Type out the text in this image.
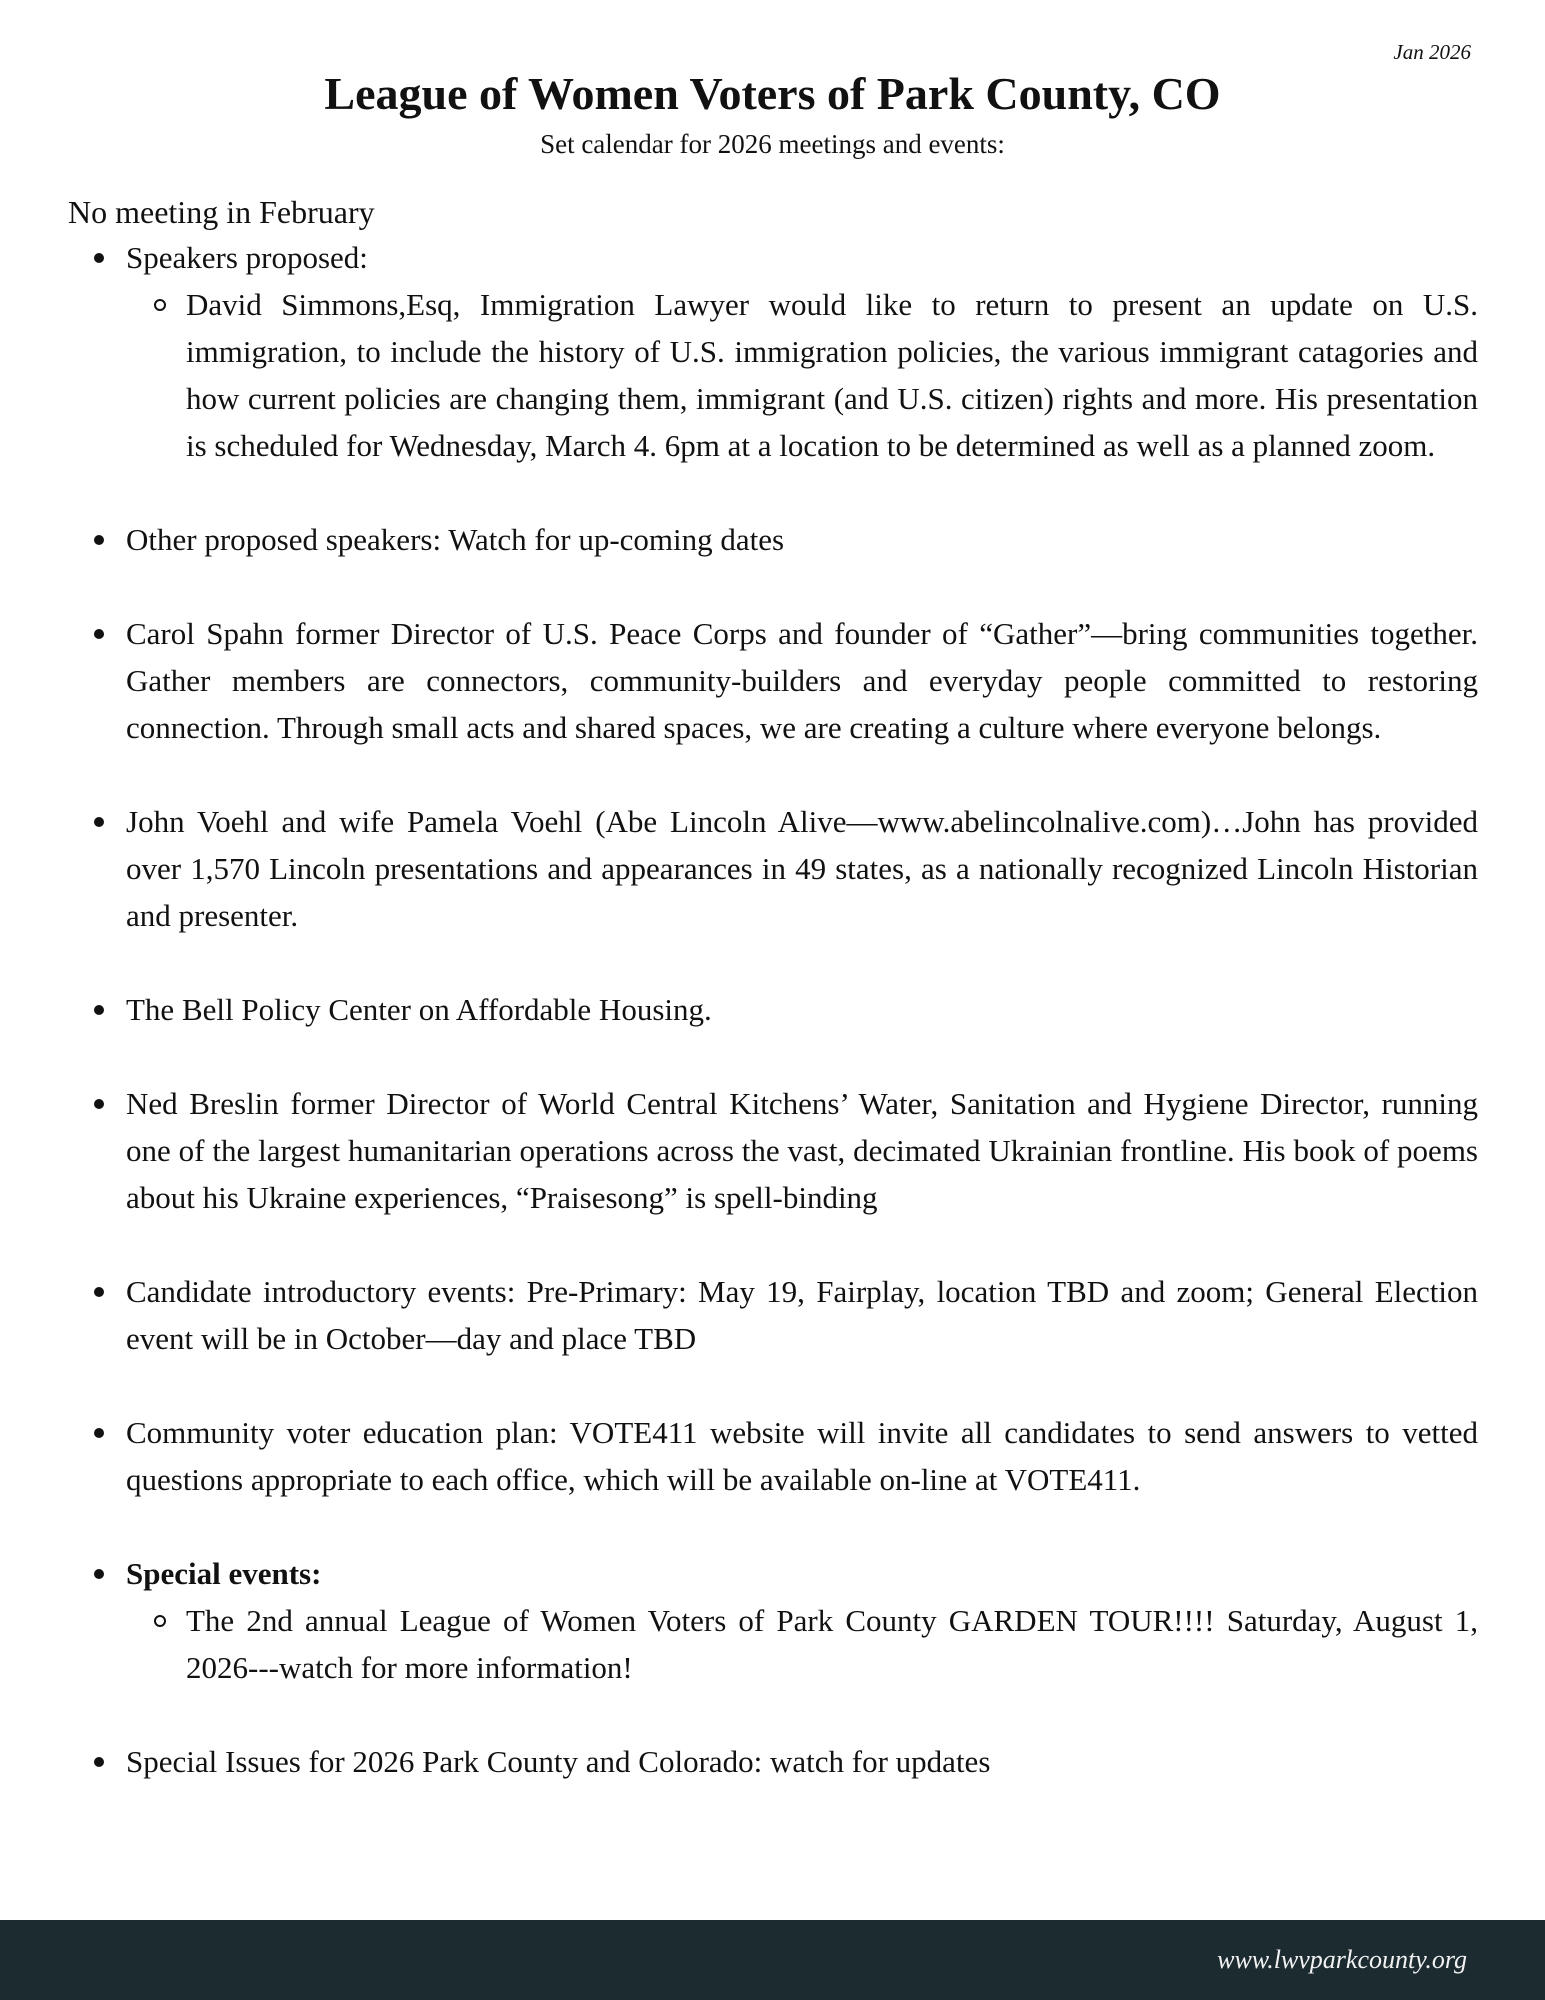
Jan 2026
League of Women Voters of Park County, CO
Set calendar for 2026 meetings and events:
No meeting in February
Speakers proposed:
David Simmons,Esq, Immigration Lawyer would like to return to present an update on U.S. immigration, to include the history of U.S. immigration policies, the various immigrant catagories and how current policies are changing them, immigrant (and U.S. citizen) rights and more. His presentation is scheduled for Wednesday, March 4. 6pm at a location to be determined as well as a planned zoom.
Other proposed speakers: Watch for up-coming dates
Carol Spahn former Director of U.S. Peace Corps and founder of “Gather”—bring communities together. Gather members are connectors, community-builders and everyday people committed to restoring connection. Through small acts and shared spaces, we are creating a culture where everyone belongs.
John Voehl and wife Pamela Voehl (Abe Lincoln Alive—www.abelincolnalive.com)…John has provided over 1,570 Lincoln presentations and appearances in 49 states, as a nationally recognized Lincoln Historian and presenter.
The Bell Policy Center on Affordable Housing.
Ned Breslin former Director of World Central Kitchens’ Water, Sanitation and Hygiene Director, running one of the largest humanitarian operations across the vast, decimated Ukrainian frontline. His book of poems about his Ukraine experiences, “Praisesong” is spell-binding
Candidate introductory events: Pre-Primary: May 19, Fairplay, location TBD and zoom; General Election event will be in October—day and place TBD
Community voter education plan: VOTE411 website will invite all candidates to send answers to vetted questions appropriate to each office, which will be available on-line at VOTE411.
Special events:
The 2nd annual League of Women Voters of Park County GARDEN TOUR!!!! Saturday, August 1, 2026---watch for more information!
Special Issues for 2026 Park County and Colorado: watch for updates
www.lwvparkcounty.org
